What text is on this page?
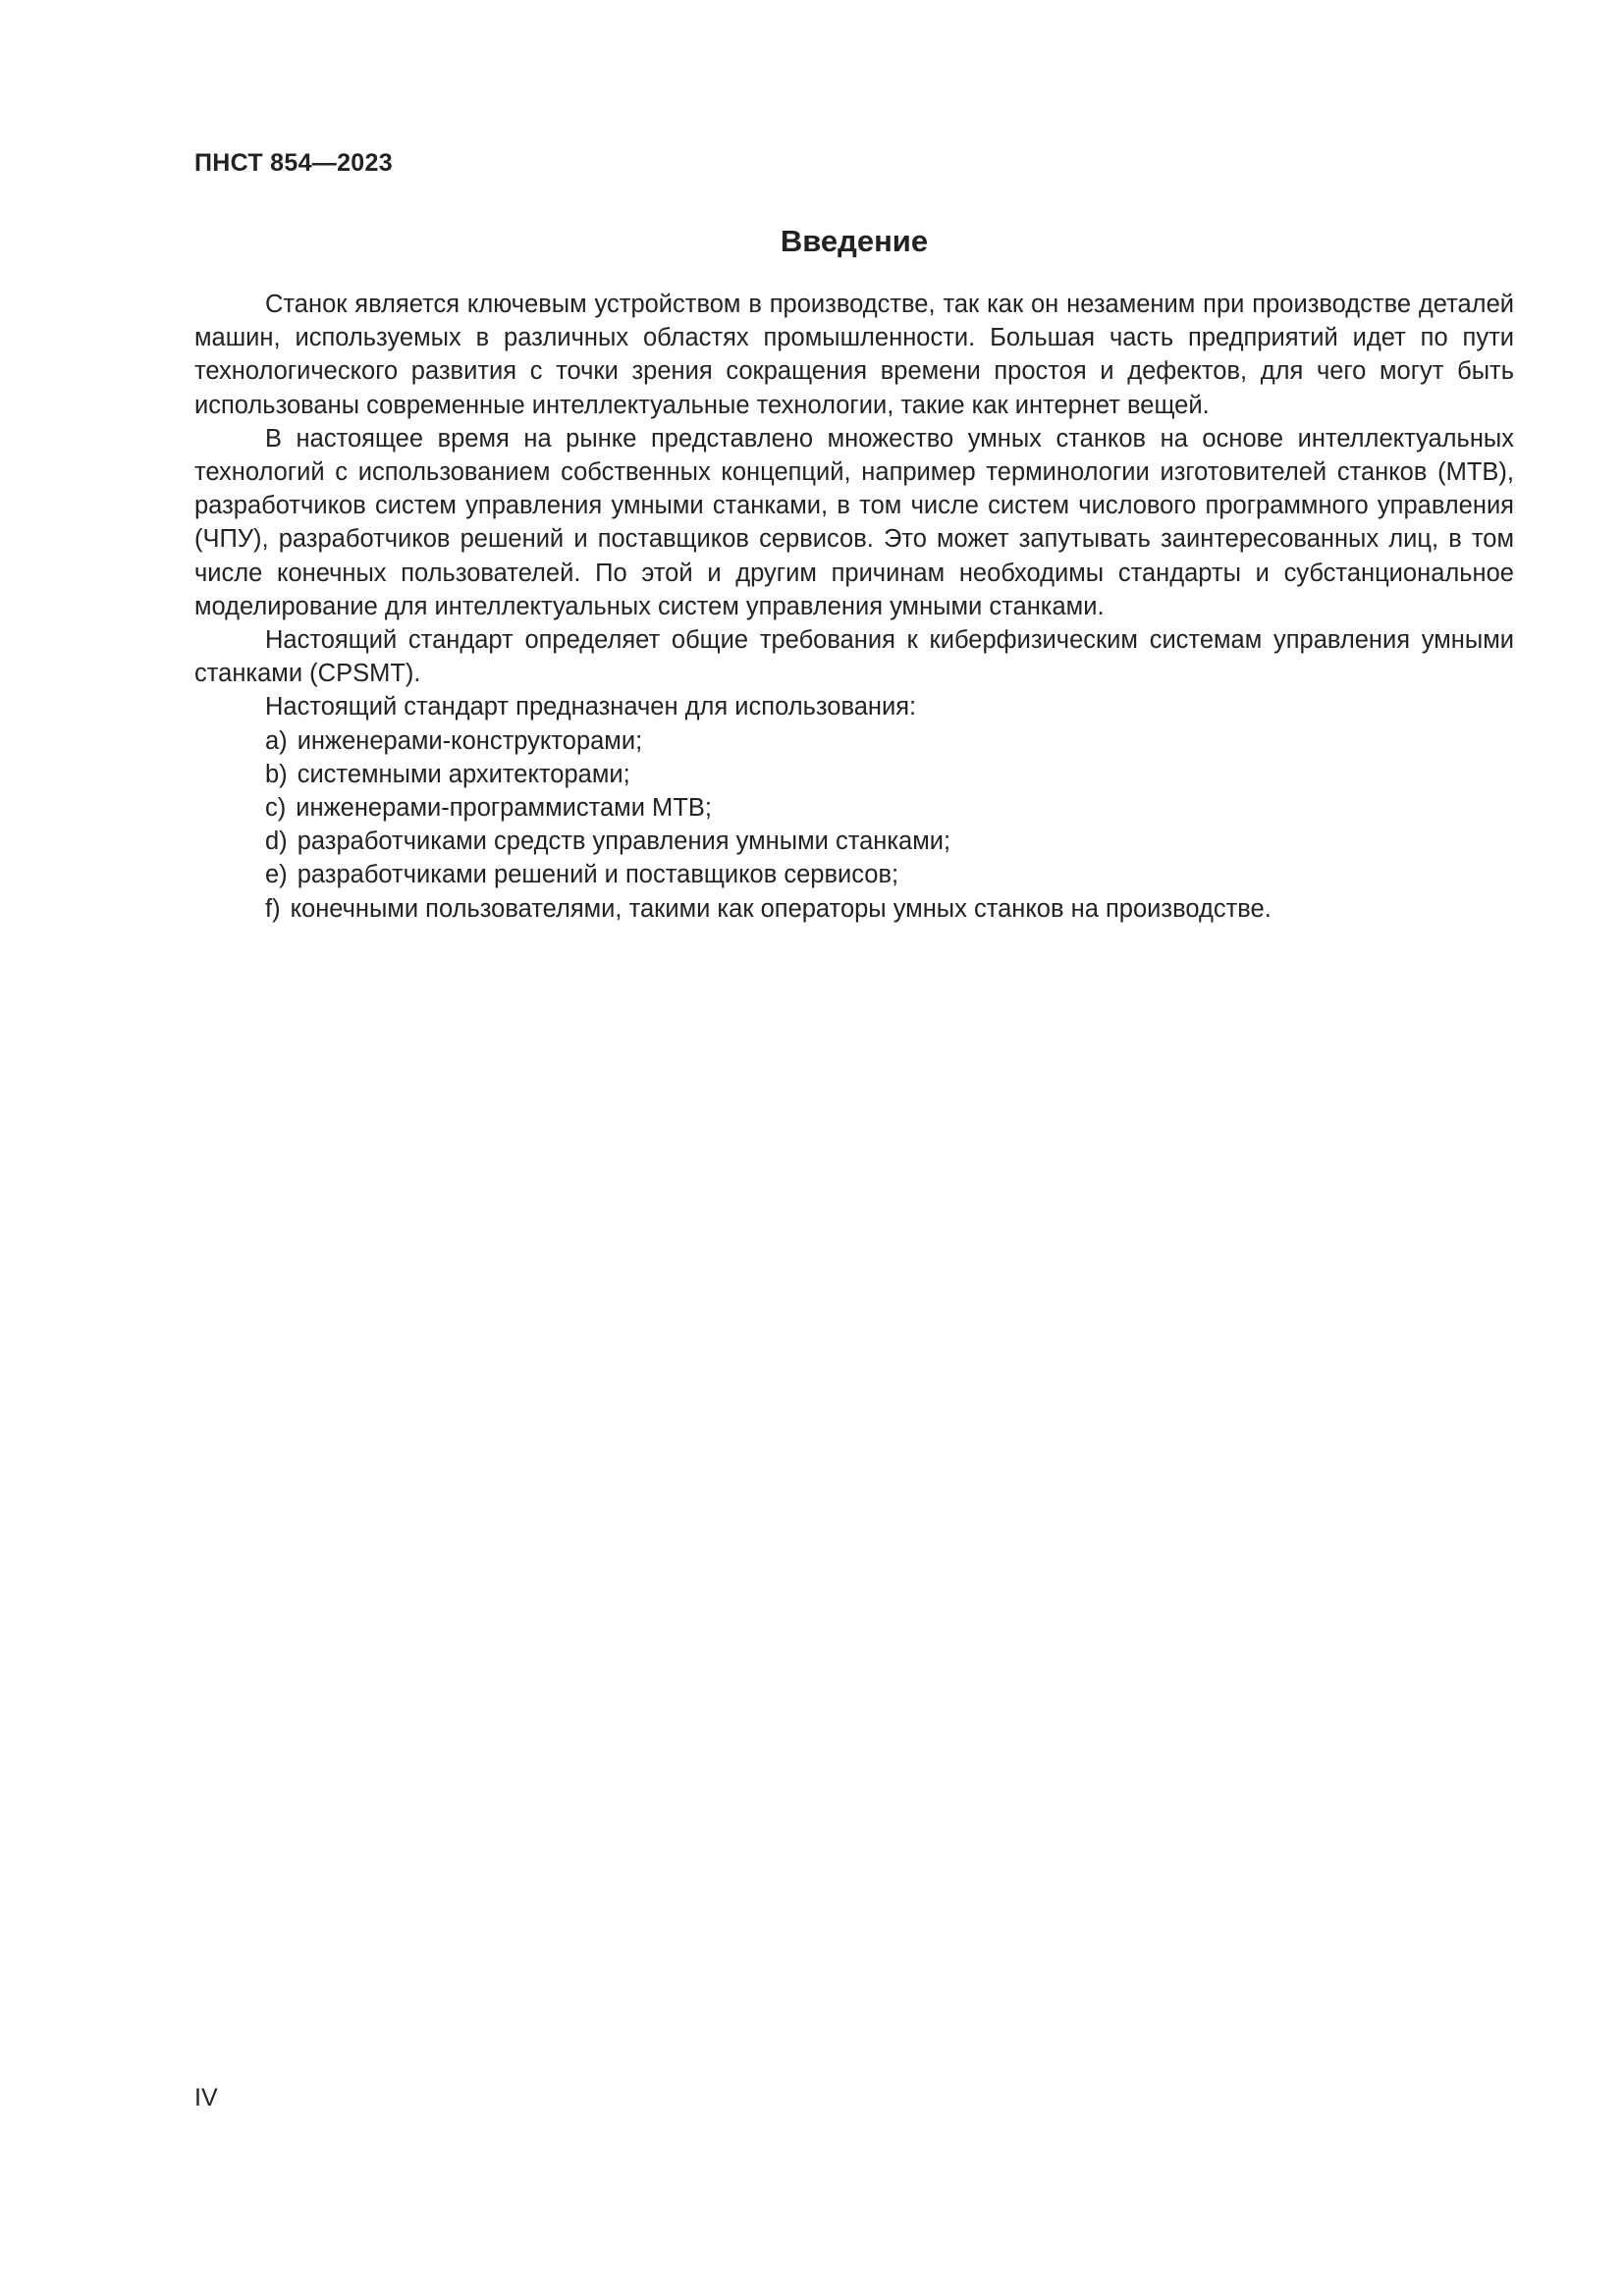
ПНСТ 854—2023
Введение

Станок является ключевым устройством в производстве, так как он незаменим при производстве деталей машин, используемых в различных областях промышленности. Большая часть предприятий идет по пути технологического развития с точки зрения сокращения времени простоя и дефектов, для чего могут быть использованы современные интеллектуальные технологии, такие как интернет вещей.

В настоящее время на рынке представлено множество умных станков на основе интеллектуальных технологий с использованием собственных концепций, например терминологии изготовителей станков (МТВ), разработчиков систем управления умными станками, в том числе систем числового программного управления (ЧПУ), разработчиков решений и поставщиков сервисов. Это может запутывать заинтересованных лиц, в том числе конечных пользователей. По этой и другим причинам необходимы стандарты и субстанциональное моделирование для интеллектуальных систем управления умными станками.

Настоящий стандарт определяет общие требования к киберфизическим системам управления умными станками (CPSMT).

Настоящий стандарт предназначен для использования:

a) инженерами-конструкторами;
b) системными архитекторами;
c) инженерами-программистами МТВ;
d) разработчиками средств управления умными станками;
e) разработчиками решений и поставщиков сервисов;
f) конечными пользователями, такими как операторы умных станков на производстве.
IV
